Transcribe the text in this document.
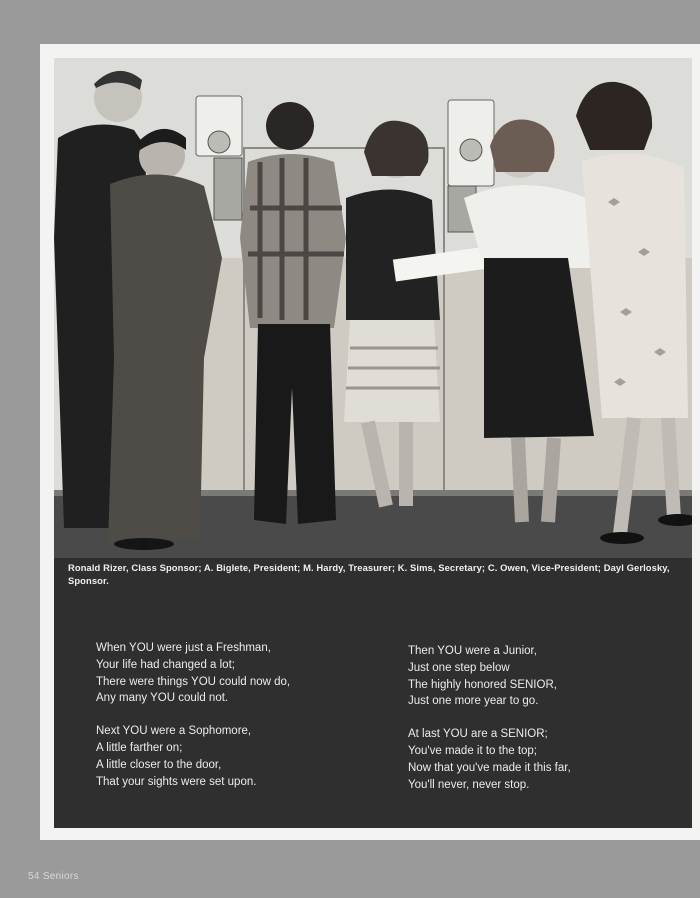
Ronald Rizer, Class Sponsor; A. Biglete, President; M. Hardy, Treasurer; K. Sims, Secretary; C. Owen, Vice-President; Dayl Gerlosky, Sponsor.
When YOU were just a Freshman,
Your life had changed a lot;
There were things YOU could now do,
Any many YOU could not.
Next YOU were a Sophomore,
A little farther on;
A little closer to the door,
That your sights were set upon.
Then YOU were a Junior,
Just one step below
The highly honored SENIOR,
Just one more year to go.
At last YOU are a SENIOR;
You've made it to the top;
Now that you've made it this far,
You'll never, never stop.
54 Seniors
